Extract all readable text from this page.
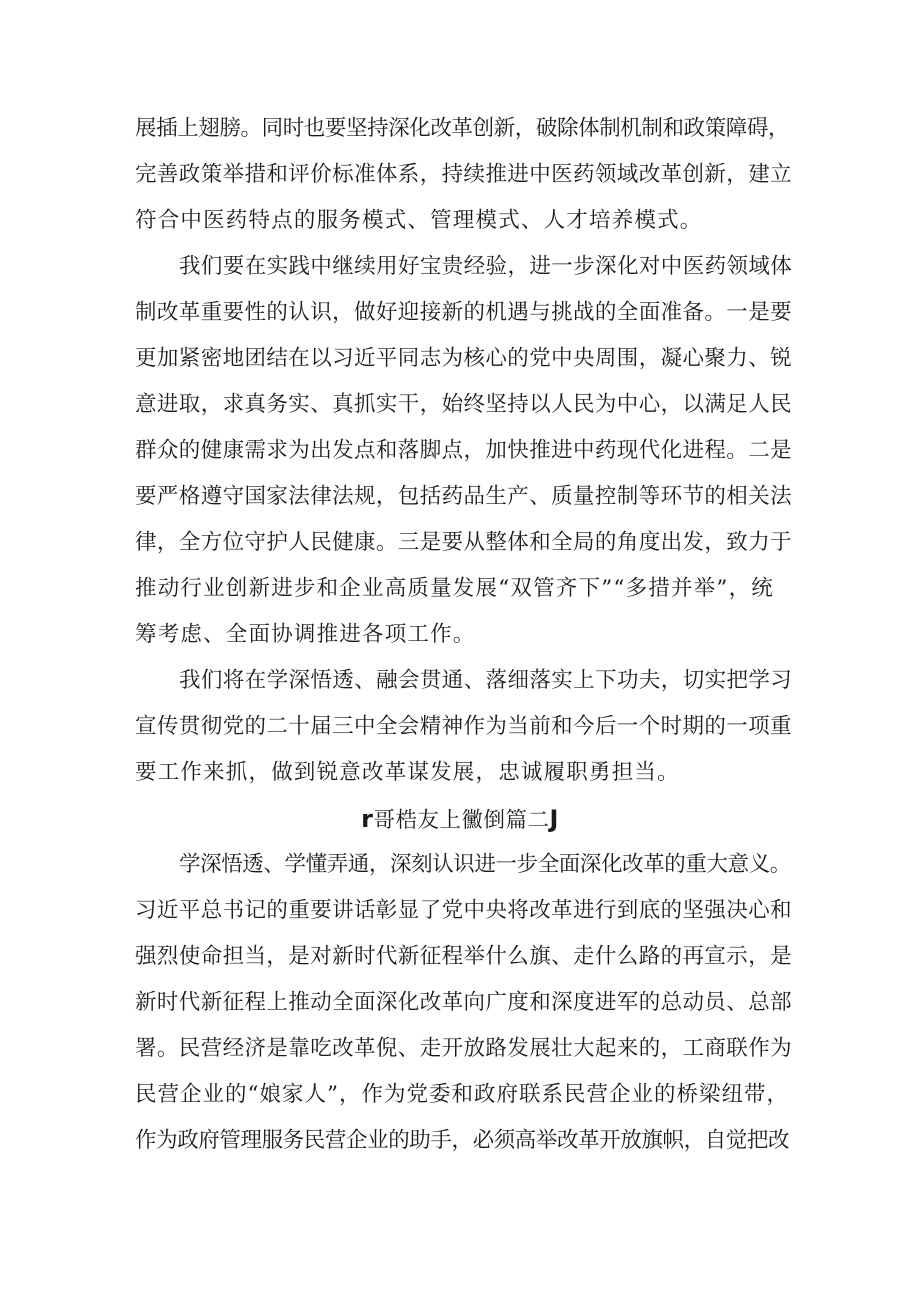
展插上翅膀。同时也要坚持深化改革创新，破除体制机制和政策障碍，
完善政策举措和评价标准体系，持续推进中医药领域改革创新，建立
符合中医药特点的服务模式、管理模式、人才培养模式。
我们要在实践中继续用好宝贵经验，进一步深化对中医药领域体
制改革重要性的认识，做好迎接新的机遇与挑战的全面准备。一是要
更加紧密地团结在以习近平同志为核心的党中央周围，凝心聚力、锐
意进取，求真务实、真抓实干，始终坚持以人民为中心，以满足人民
群众的健康需求为出发点和落脚点，加快推进中药现代化进程。二是
要严格遵守国家法律法规，包括药品生产、质量控制等环节的相关法
律，全方位守护人民健康。三是要从整体和全局的角度出发，致力于
推动行业创新进步和企业高质量发展“双管齐下”“多措并举”，统
筹考虑、全面协调推进各项工作。
我们将在学深悟透、融会贯通、落细落实上下功夫，切实把学习
宣传贯彻党的二十届三中全会精神作为当前和今后一个时期的一项重
要工作来抓，做到锐意改革谋发展，忠诚履职勇担当。
r哥梏友上黴倒篇二J
学深悟透、学懂弄通，深刻认识进一步全面深化改革的重大意义。
习近平总书记的重要讲话彰显了党中央将改革进行到底的坚强决心和
强烈使命担当，是对新时代新征程举什么旗、走什么路的再宣示，是
新时代新征程上推动全面深化改革向广度和深度进军的总动员、总部
署。民营经济是靠吃改革倪、走开放路发展壮大起来的，工商联作为
民营企业的“娘家人”，作为党委和政府联系民营企业的桥梁纽带，
作为政府管理服务民营企业的助手，必须高举改革开放旗帜，自觉把改
